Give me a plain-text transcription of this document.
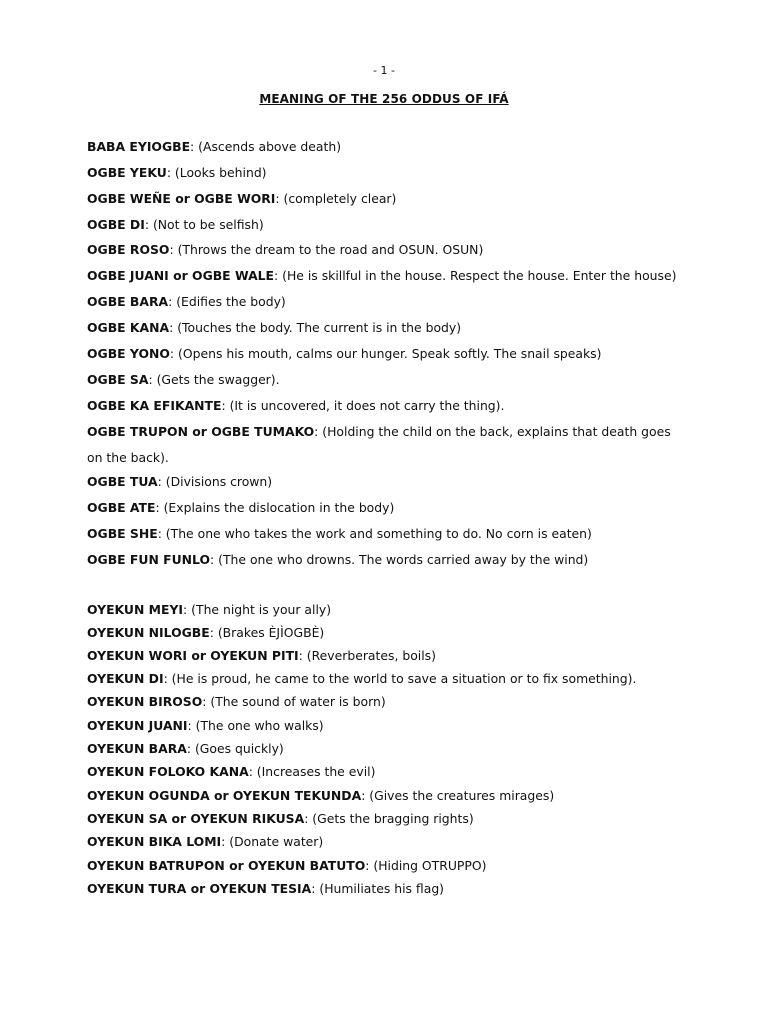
- 1 -
MEANING OF THE 256 ODDUS OF IFÁ
BABA EYIOGBE: (Ascends above death)
OGBE YEKU: (Looks behind)
OGBE WEÑE or OGBE WORI: (completely clear)
OGBE DI: (Not to be selfish)
OGBE ROSO: (Throws the dream to the road and OSUN. OSUN)
OGBE JUANI or OGBE WALE: (He is skillful in the house. Respect the house. Enter the house)
OGBE BARA: (Edifies the body)
OGBE KANA: (Touches the body. The current is in the body)
OGBE YONO: (Opens his mouth, calms our hunger. Speak softly. The snail speaks)
OGBE SA: (Gets the swagger).
OGBE KA EFIKANTE: (It is uncovered, it does not carry the thing).
OGBE TRUPON or OGBE TUMAKO: (Holding the child on the back, explains that death goes on the back).
OGBE TUA: (Divisions crown)
OGBE ATE: (Explains the dislocation in the body)
OGBE SHE: (The one who takes the work and something to do. No corn is eaten)
OGBE FUN FUNLO: (The one who drowns. The words carried away by the wind)
OYEKUN MEYI: (The night is your ally)
OYEKUN NILOGBE: (Brakes ÈJÌOGBÈ)
OYEKUN WORI or OYEKUN PITI: (Reverberates, boils)
OYEKUN DI: (He is proud, he came to the world to save a situation or to fix something).
OYEKUN BIROSO: (The sound of water is born)
OYEKUN JUANI: (The one who walks)
OYEKUN BARA: (Goes quickly)
OYEKUN FOLOKO KANA: (Increases the evil)
OYEKUN OGUNDA or OYEKUN TEKUNDA: (Gives the creatures mirages)
OYEKUN SA or OYEKUN RIKUSA: (Gets the bragging rights)
OYEKUN BIKA LOMI: (Donate water)
OYEKUN BATRUPON or OYEKUN BATUTO: (Hiding OTRUPPO)
OYEKUN TURA or OYEKUN TESIA: (Humiliates his flag)
